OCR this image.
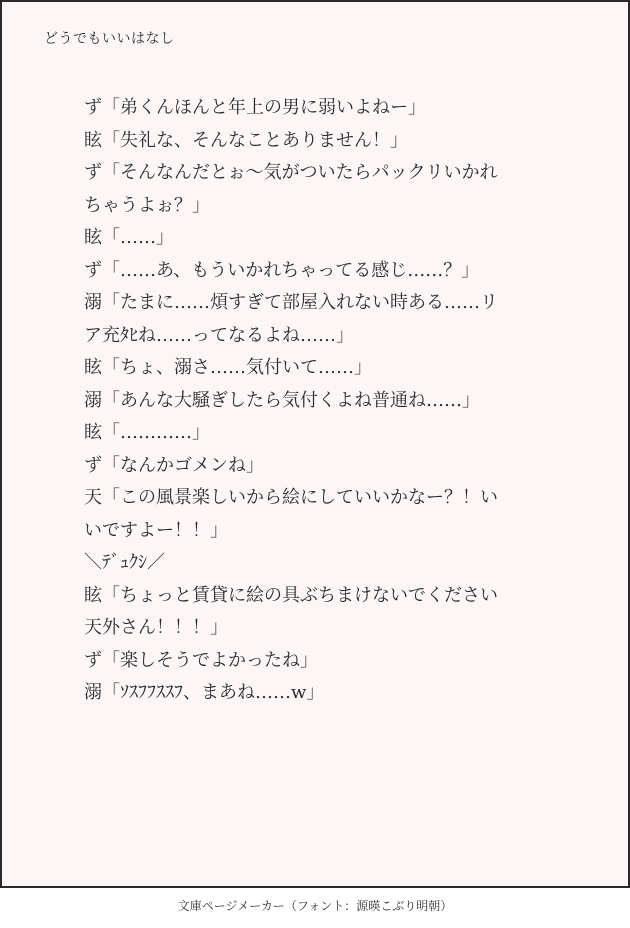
どうでもいいはなし
ず「弟くんほんと年上の男に弱いよねー」
眩「失礼な、そんなことありません！」
ず「そんなんだとぉ〜気がついたらパックリいかれ
ちゃうよぉ？」
眩「……」
ず「……あ、もういかれちゃってる感じ……？」
溺「たまに……煩すぎて部屋入れない時ある……リ
ア充ﾀﾋね……ってなるよね……」
眩「ちょ、溺さ……気付いて……」
溺「あんな大騒ぎしたら気付くよね普通ね……」
眩「…………」
ず「なんかゴメンね」
天「この風景楽しいから絵にしていいかなー？！い
いですよー！！」
＼ﾃﾞｭｸｼ／
眩「ちょっと賃貸に絵の具ぶちまけないでください
天外さん！！！」
ず「楽しそうでよかったね」
溺「ｿｽﾌﾌｽｽﾌ、まあね……w」
文庫ページメーカー（フォント：源暎こぶり明朝）
